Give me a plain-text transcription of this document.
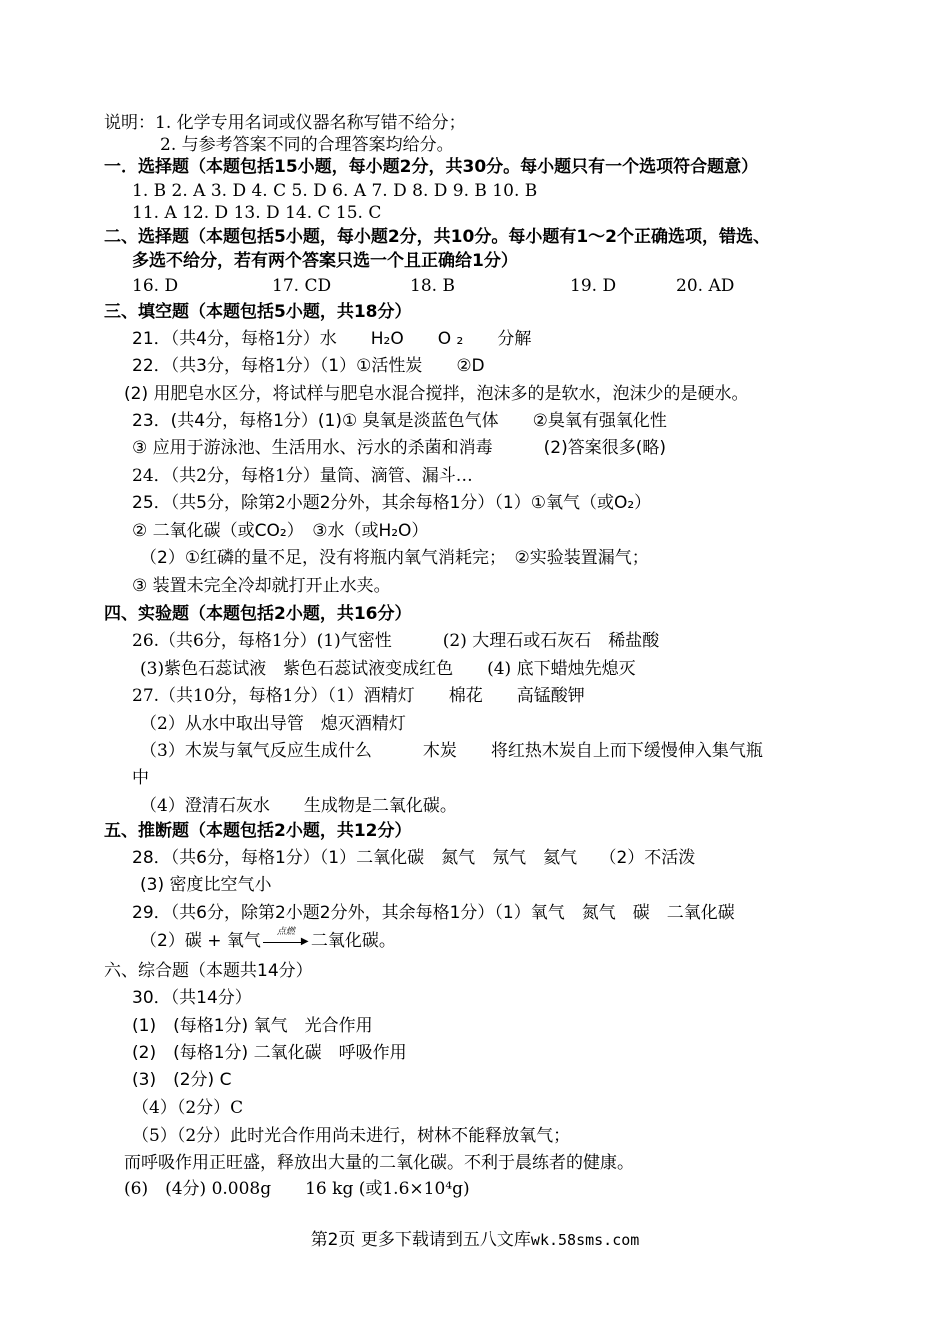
说明：1. 化学专用名词或仪器名称写错不给分；
2. 与参考答案不同的合理答案均给分。
一．选择题（本题包括15小题，每小题2分，共30分。每小题只有一个选项符合题意）
1. B 2. A 3. D 4. C 5. D 6. A 7. D 8. D 9. B 10. B
11. A 12. D 13. D 14. C 15. C
二、选择题（本题包括5小题，每小题2分，共10分。每小题有1～2个正确选项，错选、
多选不给分，若有两个答案只选一个且正确给1分）
16. D	17. CD	18. B	19. D	20. AD
三、填空题（本题包括5小题，共18分）
21．（共4分，每格1分）水　　H₂O　　O ₂　　分解
22．（共3分，每格1分）（1）①活性炭　　②D
(2) 用肥皂水区分，将试样与肥皂水混合搅拌，泡沫多的是软水，泡沫少的是硬水。
23．(共4分，每格1分）(1)① 臭氧是淡蓝色气体　　②臭氧有强氧化性
③ 应用于游泳池、生活用水、污水的杀菌和消毒　　　(2)答案很多(略)
24．（共2分，每格1分）量筒、滴管、漏斗…
25．（共5分，除第2小题2分外，其余每格1分）（1）①氧气（或O₂）
② 二氧化碳（或CO₂）　③水（或H₂O）
（2）①红磷的量不足，没有将瓶内氧气消耗完；　②实验装置漏气；
③ 装置未完全冷却就打开止水夹。
四、实验题（本题包括2小题，共16分）
26.（共6分，每格1分）(1)气密性　　　(2) 大理石或石灰石　稀盐酸
(3)紫色石蕊试液　紫色石蕊试液变成红色　　(4) 底下蜡烛先熄灭
27.（共10分，每格1分）（1）酒精灯　　棉花　　高锰酸钾
（2）从水中取出导管　熄灭酒精灯
（3）木炭与氧气反应生成什么　　　木炭　　将红热木炭自上而下缓慢伸入集气瓶
中
（4）澄清石灰水　　生成物是二氧化碳。
五、推断题（本题包括2小题，共12分）
28．（共6分，每格1分）（1）二氧化碳　氮气　氖气　氦气　 （2）不活泼
(3) 密度比空气小
29．（共6分，除第2小题2分外，其余每格1分）（1）氧气　氮气　碳　二氧化碳
（2）碳 + 氧气	点燃
▶ 二氧化碳。
六、综合题（本题共14分）
30．（共14分）
(1)　(每格1分) 氧气　光合作用
(2)　(每格1分) 二氧化碳　呼吸作用
(3)　(2分) C
（4）（2分）C
（5）（2分）此时光合作用尚未进行，树林不能释放氧气；
而呼吸作用正旺盛，释放出大量的二氧化碳。不利于晨练者的健康。
(6)　(4分) 0.008g　　16 kg (或1.6×10⁴g)
第2页 更多下载请到五八文库wk.58sms.com
